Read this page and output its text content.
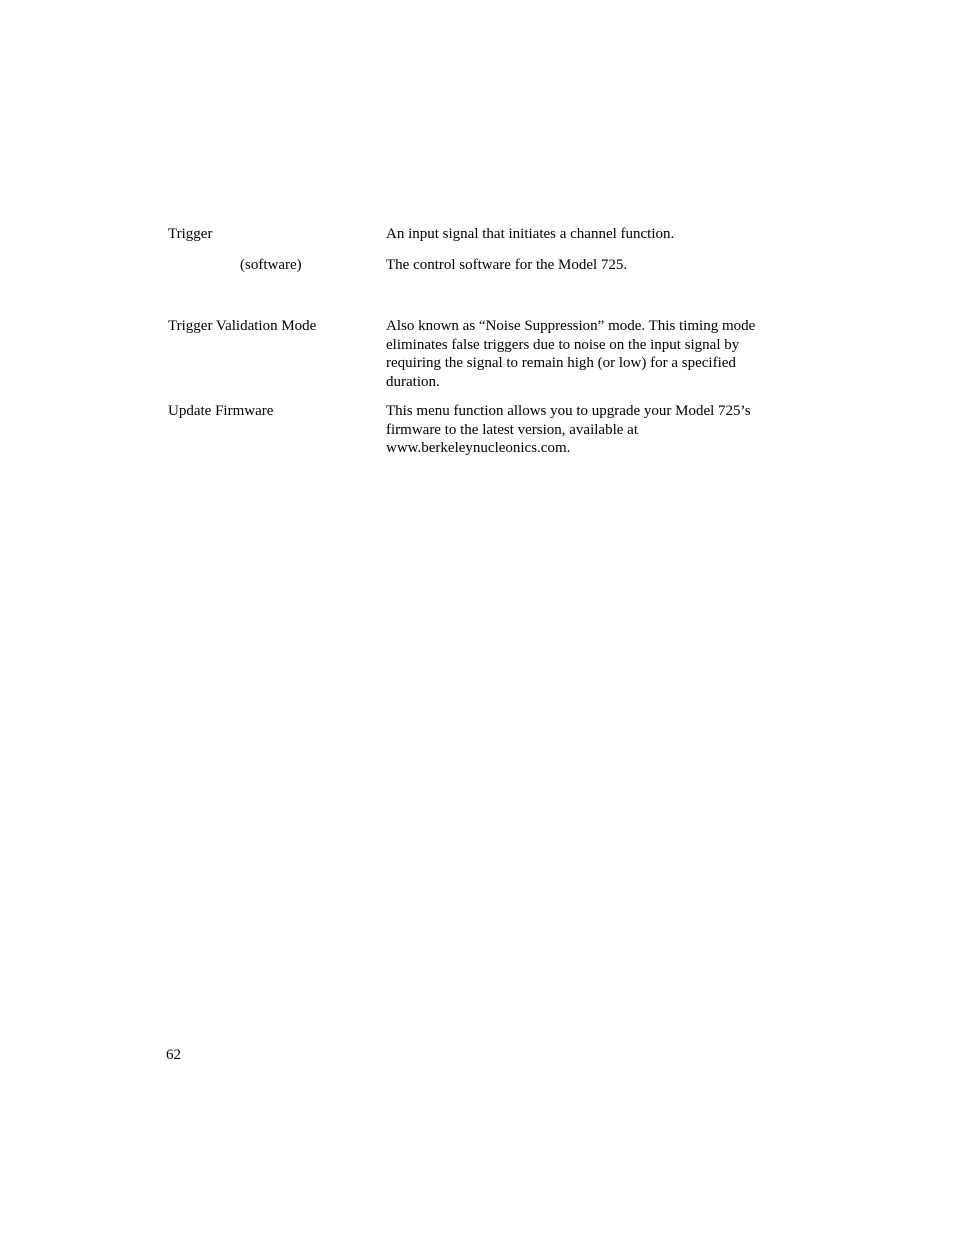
Trigger	An input signal that initiates a channel function.
(software)	The control software for the Model 725.
Trigger Validation Mode	Also known as “Noise Suppression” mode. This timing mode eliminates false triggers due to noise on the input signal by requiring the signal to remain high (or low) for a specified duration.
Update Firmware	This menu function allows you to upgrade your Model 725’s firmware to the latest version, available at www.berkeleynucleonics.com.
62
